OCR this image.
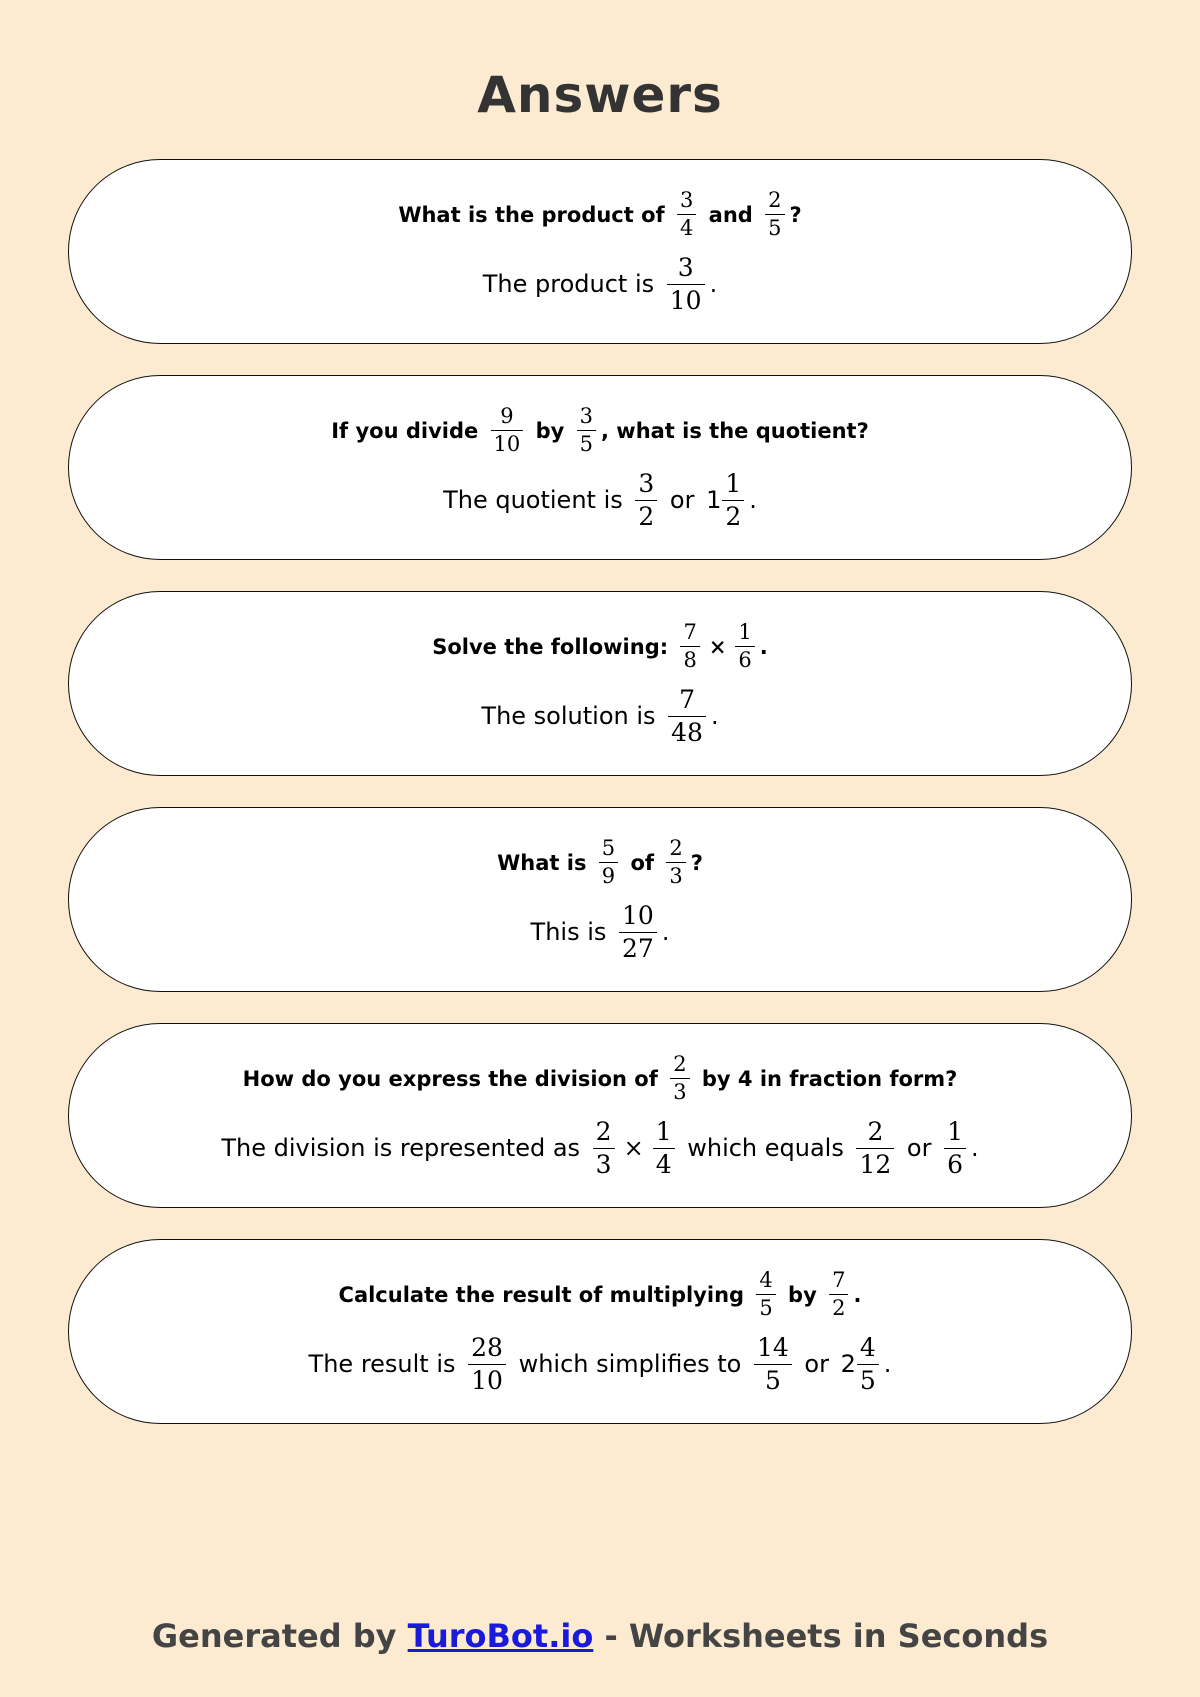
Answers
What is the product of $\frac{3}{4}$ and $\frac{2}{5}$ ?
The product is $\frac{3}{10}$ .
If you divide $\frac{9}{10}$ by $\frac{3}{5}$ , what is the quotient?
The quotient is $\frac{3}{2}$ or $1 \frac{1}{2}$ .
Solve the following: $\frac{7}{8} \times \frac{1}{6}$ .
The solution is $\frac{7}{48}$ .
What is $\frac{5}{9}$ of $\frac{2}{3}$ ?
This is $\frac{10}{27}$ .
How do you express the division of $\frac{2}{3}$ by 4 in fraction form?
The division is represented as $\frac{2}{3} \times \frac{1}{4}$ which equals $\frac{2}{12}$ or $\frac{1}{6}$ .
Calculate the result of multiplying $\frac{4}{5}$ by $\frac{7}{2}$ .
The result is $\frac{28}{10}$ which simplifies to $\frac{14}{5}$ or $2 \frac{4}{5}$ .
Generated by TuroBot.io - Worksheets in Seconds
